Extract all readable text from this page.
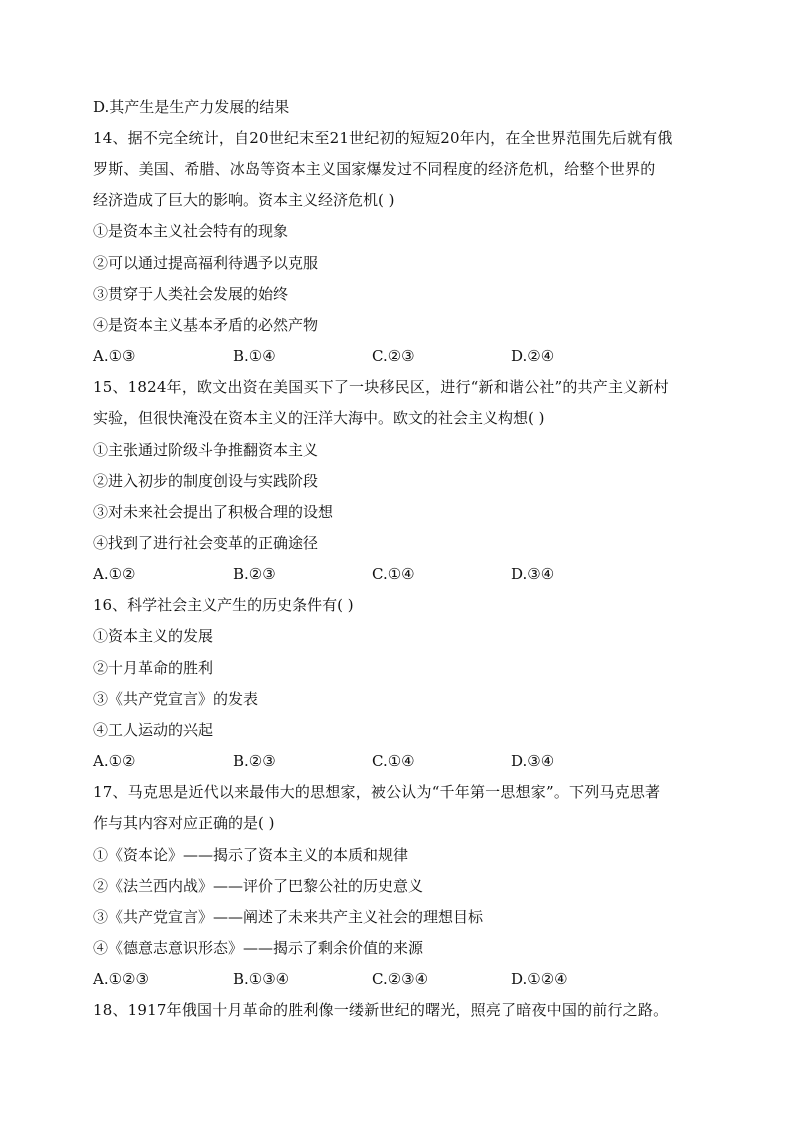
D.其产生是生产力发展的结果
14、据不完全统计，自20世纪末至21世纪初的短短20年内，在全世界范围先后就有俄
罗斯、美国、希腊、冰岛等资本主义国家爆发过不同程度的经济危机，给整个世界的
经济造成了巨大的影响。资本主义经济危机( )
①是资本主义社会特有的现象
②可以通过提高福利待遇予以克服
③贯穿于人类社会发展的始终
④是资本主义基本矛盾的必然产物
A.①③	B.①④	C.②③	D.②④
15、1824年，欧文出资在美国买下了一块移民区，进行“新和谐公社”的共产主义新村
实验，但很快淹没在资本主义的汪洋大海中。欧文的社会主义构想( )
①主张通过阶级斗争推翻资本主义
②进入初步的制度创设与实践阶段
③对未来社会提出了积极合理的设想
④找到了进行社会变革的正确途径
A.①②	B.②③	C.①④	D.③④
16、科学社会主义产生的历史条件有( )
①资本主义的发展
②十月革命的胜利
③《共产党宣言》的发表
④工人运动的兴起
A.①②	B.②③	C.①④	D.③④
17、马克思是近代以来最伟大的思想家，被公认为“千年第一思想家”。下列马克思著
作与其内容对应正确的是( )
①《资本论》——揭示了资本主义的本质和规律
②《法兰西内战》——评价了巴黎公社的历史意义
③《共产党宣言》——阐述了未来共产主义社会的理想目标
④《德意志意识形态》——揭示了剩余价值的来源
A.①②③	B.①③④	C.②③④	D.①②④
18、1917年俄国十月革命的胜利像一缕新世纪的曙光，照亮了暗夜中国的前行之路。
